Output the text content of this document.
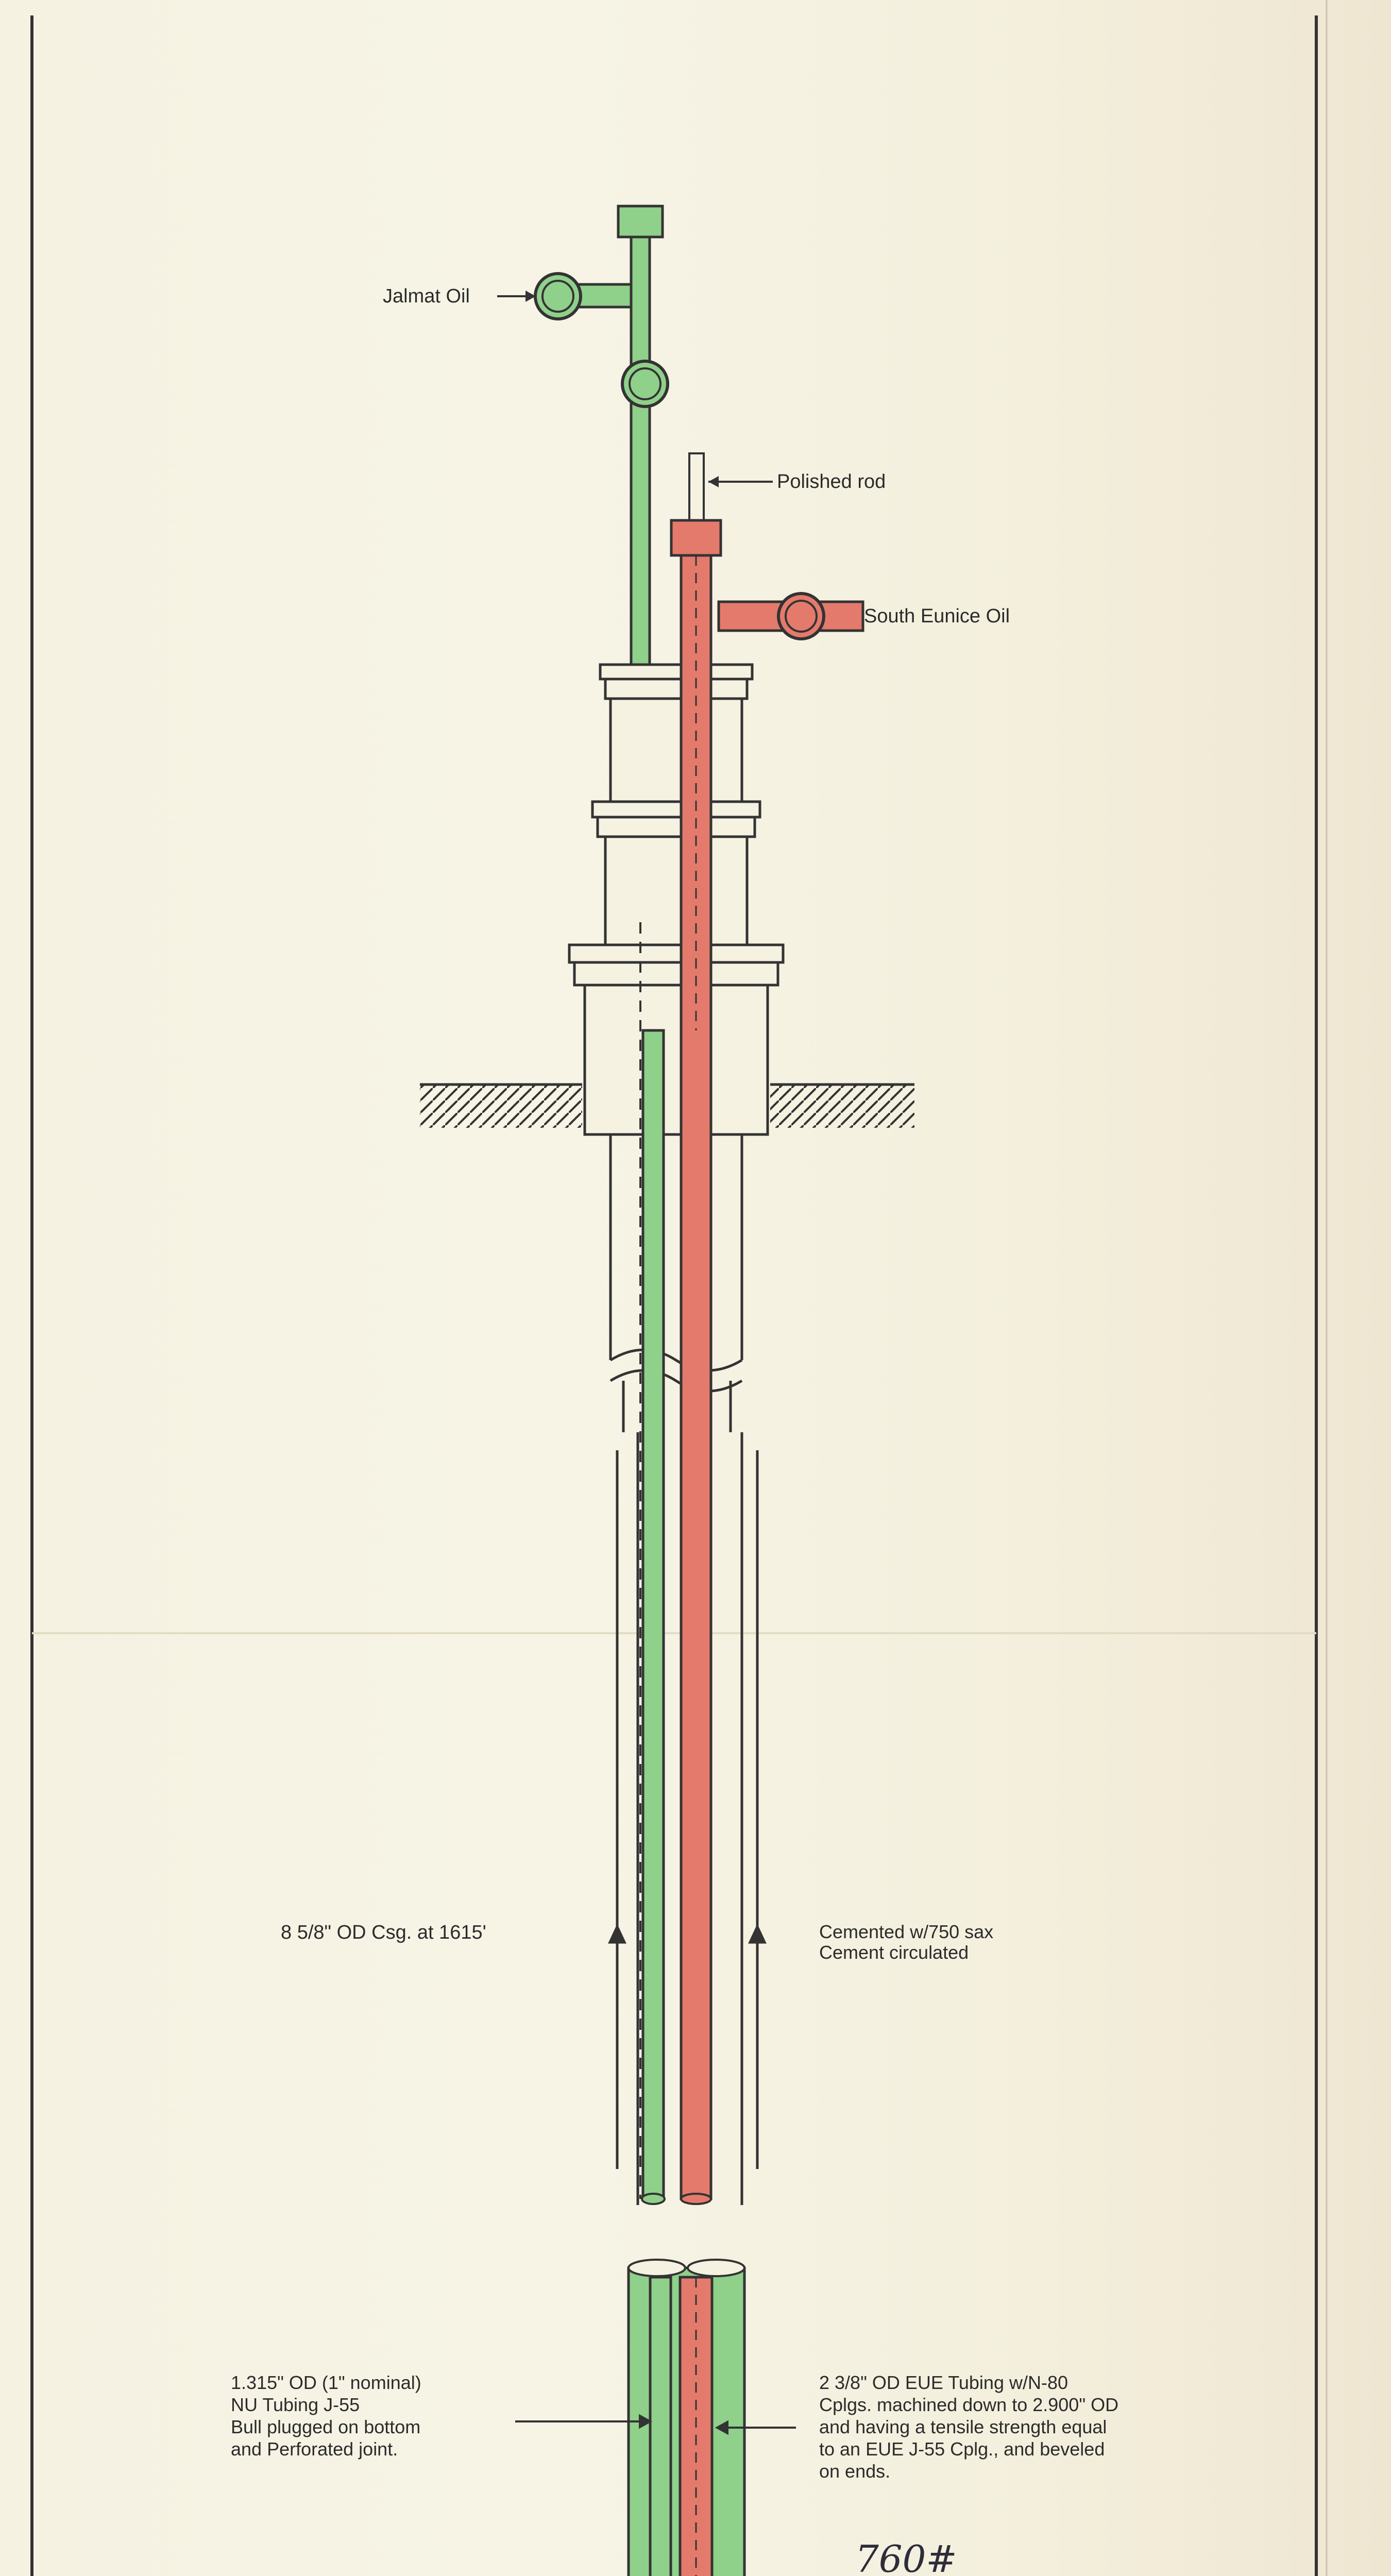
Jalmat Oil
Polished rod
South Eunice Oil
8 5/8" OD Csg. at 1615'	Cemented w/750 sax
Cement circulated
1.315" OD (1" nominal)
NU Tubing J-55
Bull plugged on bottom
and Perforated joint.
2 3/8" OD EUE Tubing w/N-80
Cplgs. machined down to 2.900" OD
and having a tensile strength equal
to an EUE J-55 Cplg., and beveled
on ends.
760#
